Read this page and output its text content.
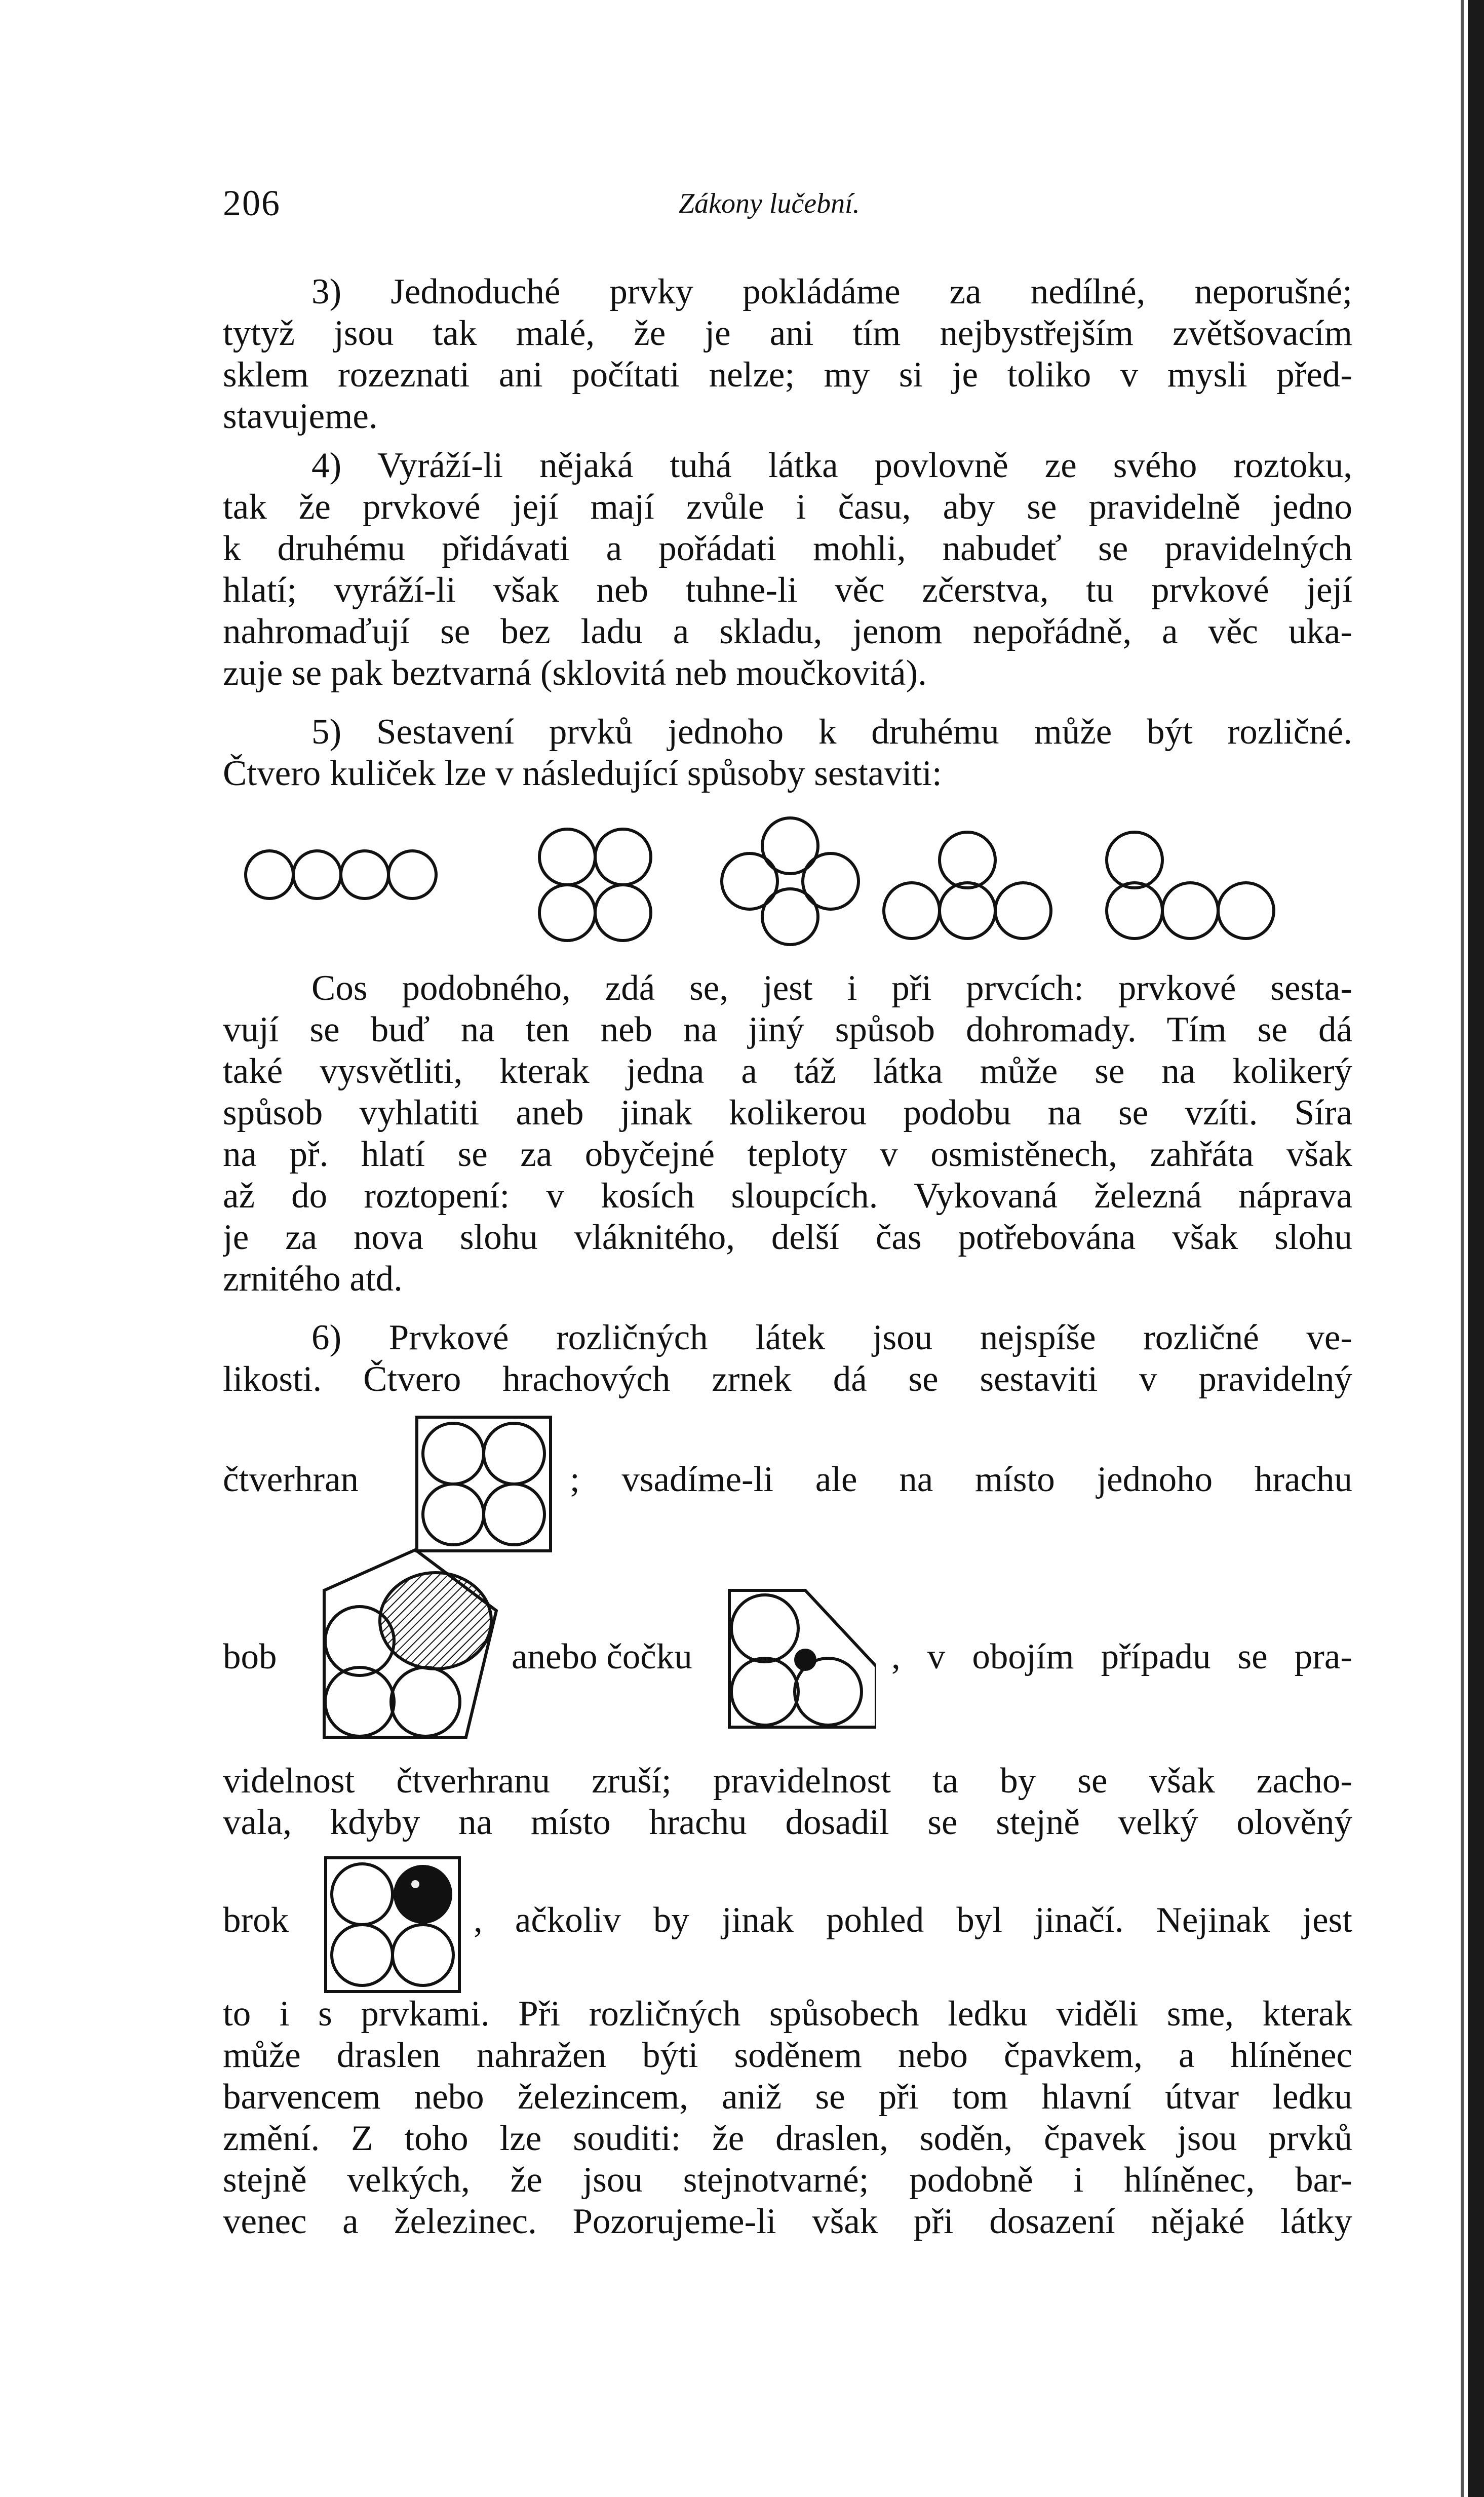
206	Zákony lučební.
3) Jednoduché prvky pokládáme za nedílné, neporušné;
tytyž jsou tak malé, že je ani tím nejbystřejším zvětšovacím
sklem rozeznati ani počítati nelze; my si je toliko v mysli před-
stavujeme.
4) Vyráží-li nějaká tuhá látka povlovně ze svého roztoku,
tak že prvkové její mají zvůle i času, aby se pravidelně jedno
k druhému přidávati a pořádati mohli, nabudeť se pravidelných
hlatí; vyráží-li však neb tuhne-li věc zčerstva, tu prvkové její
nahromaďují se bez ladu a skladu, jenom nepořádně, a věc uka-
zuje se pak beztvarná (sklovitá neb moučkovitá).
5) Sestavení prvků jednoho k druhému může být rozličné.
Čtvero kuliček lze v následující spůsoby sestaviti:
Cos podobného, zdá se, jest i při prvcích: prvkové sesta-
vují se buď na ten neb na jiný spůsob dohromady. Tím se dá
také vysvětliti, kterak jedna a táž látka může se na kolikerý
spůsob vyhlatiti aneb jinak kolikerou podobu na se vzíti. Síra
na př. hlatí se za obyčejné teploty v osmistěnech, zahřáta však
až do roztopení: v kosích sloupcích. Vykovaná železná náprava
je za nova slohu vláknitého, delší čas potřebována však slohu
zrnitého atd.
6) Prvkové rozličných látek jsou nejspíše rozličné ve-
likosti. Čtvero hrachových zrnek dá se sestaviti v pravidelný
čtverhran	; vsadíme-li ale na místo jednoho hrachu
bob	anebo čočku	, v obojím případu se pra-
videlnost čtverhranu zruší; pravidelnost ta by se však zacho-
vala, kdyby na místo hrachu dosadil se stejně velký olověný
brok	, ačkoliv by jinak pohled byl jinačí. Nejinak jest
to i s prvkami. Při rozličných spůsobech ledku viděli sme, kterak
může draslen nahražen býti soděnem nebo čpavkem, a hlíněnec
barvencem nebo železincem, aniž se při tom hlavní útvar ledku
změní. Z toho lze souditi: že draslen, soděn, čpavek jsou prvků
stejně velkých, že jsou stejnotvarné; podobně i hlíněnec, bar-
venec a železinec. Pozorujeme-li však při dosazení nějaké látky
